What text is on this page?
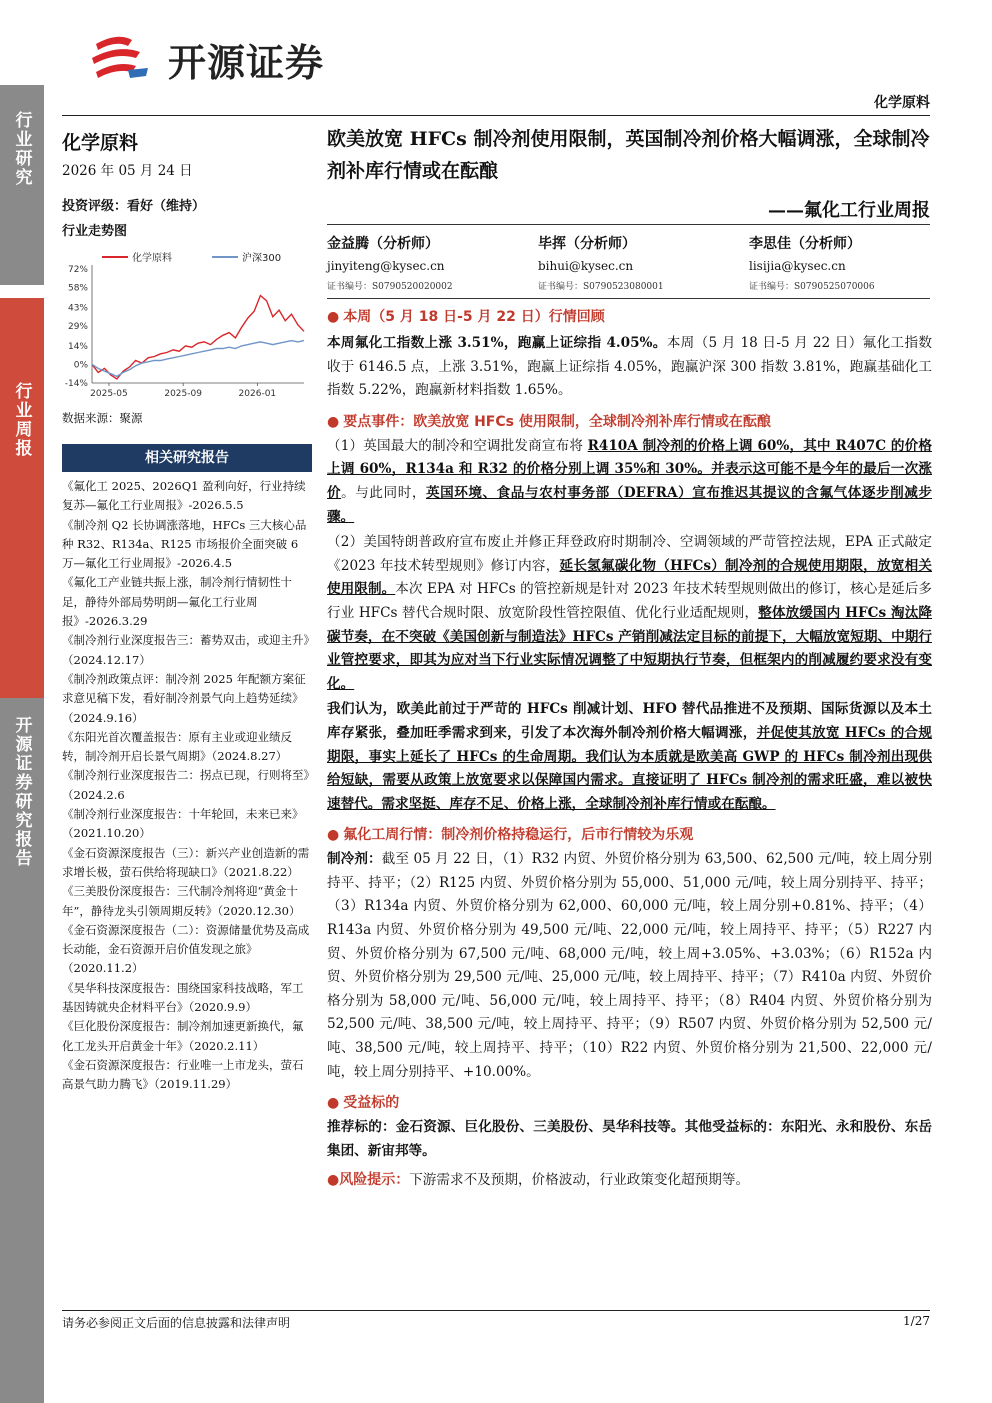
行业研究
行业周报
开源证券研究报告
开源证券
化学原料
化学原料
2026 年 05 月 24 日
投资评级：看好（维持）
行业走势图
72%
58%
43%
29%
14%
0%
-14%
2025-05	2025-09	2026-01
化学原料	沪深300
数据来源：聚源
相关研究报告
《氟化工 2025、2026Q1 盈利向好，行业持续复苏—氟化工行业周报》-2026.5.5
《制冷剂 Q2 长协调涨落地，HFCs 三大核心品种 R32、R134a、R125 市场报价全面突破 6 万—氟化工行业周报》-2026.4.5
《氟化工产业链共振上涨，制冷剂行情韧性十足，静待外部局势明朗—氟化工行业周报》-2026.3.29
《制冷剂行业深度报告三：蓄势双击，或迎主升》（2024.12.17）
《制冷剂政策点评：制冷剂 2025 年配额方案征求意见稿下发，看好制冷剂景气向上趋势延续》（2024.9.16）
《东阳光首次覆盖报告：原有主业或迎业绩反转，制冷剂开启长景气周期》（2024.8.27）
《制冷剂行业深度报告二：拐点已现，行则将至》（2024.2.6
《制冷剂行业深度报告：十年轮回，未来已来》（2021.10.20）
《金石资源深度报告（三）：新兴产业创造新的需求增长极，萤石供给将现缺口》（2021.8.22）
《三美股份深度报告：三代制冷剂将迎“黄金十年”，静待龙头引领周期反转》（2020.12.30）
《金石资源深度报告（二）：资源储量优势及高成长动能，金石资源开启价值发现之旅》（2020.11.2）
《昊华科技深度报告：围绕国家科技战略，军工基因铸就央企材料平台》（2020.9.9）
《巨化股份深度报告：制冷剂加速更新换代，氟化工龙头开启黄金十年》（2020.2.11）
《金石资源深度报告：行业唯一上市龙头，萤石高景气助力腾飞》（2019.11.29）
欧美放宽 HFCs 制冷剂使用限制，英国制冷剂价格大幅调涨，全球制冷剂补库行情或在酝酿
——氟化工行业周报
金益腾（分析师）
jinyiteng@kysec.cn
证书编号：S0790520020002
毕挥（分析师）
bihui@kysec.cn
证书编号：S0790523080001
李思佳（分析师）
lisijia@kysec.cn
证书编号：S0790525070006
● 本周（5 月 18 日-5 月 22 日）行情回顾
本周氟化工指数上涨 3.51%，跑赢上证综指 4.05%。本周（5 月 18 日-5 月 22 日）氟化工指数收于 6146.5 点，上涨 3.51%，跑赢上证综指 4.05%，跑赢沪深 300 指数 3.81%，跑赢基础化工指数 5.22%，跑赢新材料指数 1.65%。
● 要点事件：欧美放宽 HFCs 使用限制，全球制冷剂补库行情或在酝酿
（1）英国最大的制冷和空调批发商宣布将 R410A 制冷剂的价格上调 60%，其中 R407C 的价格上调 60%，R134a 和 R32 的价格分别上调 35%和 30%。并表示这可能不是今年的最后一次涨价。与此同时，英国环境、食品与农村事务部（DEFRA）宣布推迟其提议的含氟气体逐步削减步骤。
（2）美国特朗普政府宣布废止并修正拜登政府时期制冷、空调领域的严苛管控法规，EPA 正式敲定《2023 年技术转型规则》修订内容，延长氢氟碳化物（HFCs）制冷剂的合规使用期限，放宽相关使用限制。本次 EPA 对 HFCs 的管控新规是针对 2023 年技术转型规则做出的修订，核心是延后多行业 HFCs 替代合规时限、放宽阶段性管控限值、优化行业适配规则，整体放缓国内 HFCs 淘汰降碳节奏，在不突破《美国创新与制造法》HFCs 产销削减法定目标的前提下，大幅放宽短期、中期行业管控要求，即其为应对当下行业实际情况调整了中短期执行节奏，但框架内的削减履约要求没有变化。
我们认为，欧美此前过于严苛的 HFCs 削减计划、HFO 替代品推进不及预期、国际货源以及本土库存紧张，叠加旺季需求到来，引发了本次海外制冷剂价格大幅调涨，并促使其放宽 HFCs 的合规期限，事实上延长了 HFCs 的生命周期。我们认为本质就是欧美高 GWP 的 HFCs 制冷剂出现供给短缺，需要从政策上放宽要求以保障国内需求。直接证明了 HFCs 制冷剂的需求旺盛，难以被快速替代。需求坚挺、库存不足、价格上涨，全球制冷剂补库行情或在酝酿。
● 氟化工周行情：制冷剂价格持稳运行，后市行情较为乐观
制冷剂：截至 05 月 22 日，（1）R32 内贸、外贸价格分别为 63,500、62,500 元/吨，较上周分别持平、持平；（2）R125 内贸、外贸价格分别为 55,000、51,000 元/吨，较上周分别持平、持平；（3）R134a 内贸、外贸价格分别为 62,000、60,000 元/吨，较上周分别+0.81%、持平；（4）R143a 内贸、外贸价格分别为 49,500 元/吨、22,000 元/吨，较上周持平、持平；（5）R227 内贸、外贸价格分别为 67,500 元/吨、68,000 元/吨，较上周+3.05%、+3.03%；（6）R152a 内贸、外贸价格分别为 29,500 元/吨、25,000 元/吨，较上周持平、持平；（7）R410a 内贸、外贸价格分别为 58,000 元/吨、56,000 元/吨，较上周持平、持平；（8）R404 内贸、外贸价格分别为 52,500 元/吨、38,500 元/吨，较上周持平、持平；（9）R507 内贸、外贸价格分别为 52,500 元/吨、38,500 元/吨，较上周持平、持平；（10）R22 内贸、外贸价格分别为 21,500、22,000 元/吨，较上周分别持平、+10.00%。
● 受益标的
推荐标的：金石资源、巨化股份、三美股份、昊华科技等。其他受益标的：东阳光、永和股份、东岳集团、新宙邦等。
●风险提示：下游需求不及预期，价格波动，行业政策变化超预期等。
请务必参阅正文后面的信息披露和法律声明	1/27
